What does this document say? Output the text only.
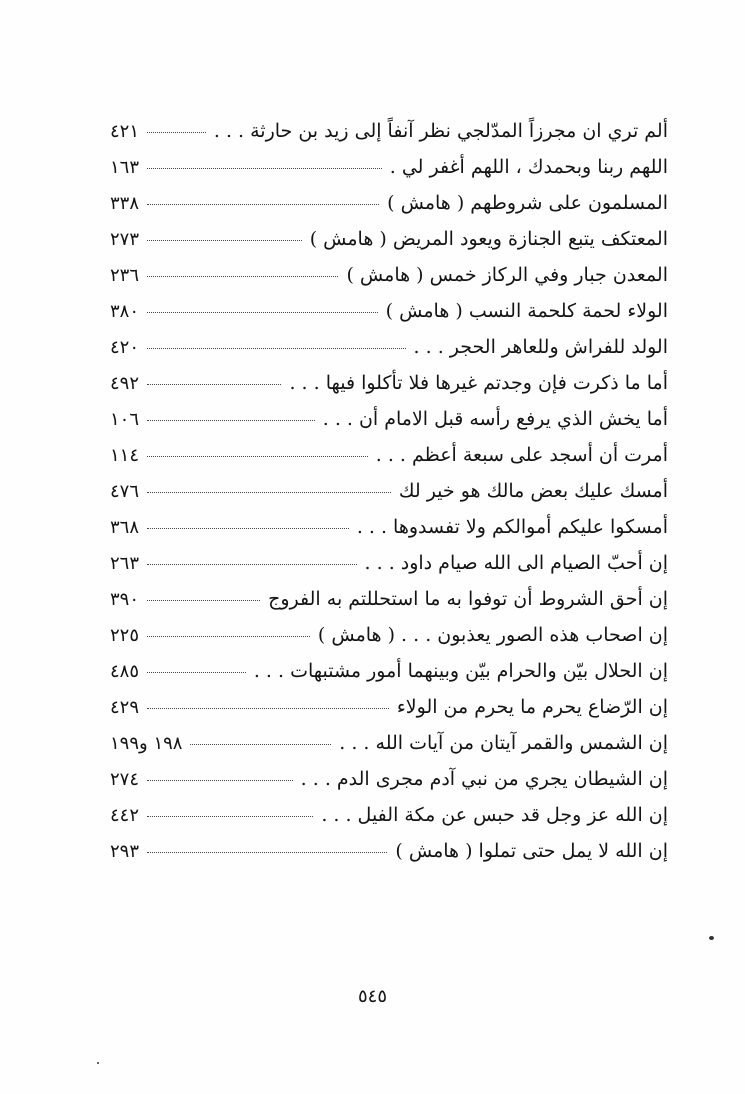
ألم تري ان مجرزاً المدّلجي نظر آنفاً إلى زيد بن حارثة . . .
٤٢١
اللهم ربنا وبحمدك ، اللهم أغفر لي .
١٦٣
المسلمون على شروطهم ( هامش )
٣٣٨
المعتكف يتبع الجنازة ويعود المريض ( هامش )
٢٧٣
المعدن جبار وفي الركاز خمس ( هامش )
٢٣٦
الولاء لحمة كلحمة النسب ( هامش )
٣٨٠
الولد للفراش وللعاهر الحجر . . .
٤٢٠
أما ما ذكرت فإن وجدتم غيرها فلا تأكلوا فيها . . .
٤٩٢
أما يخش الذي يرفع رأسه قبل الامام أن . . .
١٠٦
أمرت أن أسجد على سبعة أعظم . . .
١١٤
أمسك عليك بعض مالك هو خير لك
٤٧٦
أمسكوا عليكم أموالكم ولا تفسدوها . . .
٣٦٨
إن أحبّ الصيام الى الله صيام داود . . .
٢٦٣
إن أحق الشروط أن توفوا به ما استحللتم به الفروج
٣٩٠
إن اصحاب هذه الصور يعذبون . . . ( هامش )
٢٢٥
إن الحلال بيّن والحرام بيّن وبينهما أمور مشتبهات . . .
٤٨٥
إن الرّضاع يحرم ما يحرم من الولاء
٤٢٩
إن الشمس والقمر آيتان من آيات الله . . .
١٩٨ و١٩٩
إن الشيطان يجري من نبي آدم مجرى الدم . . .
٢٧٤
إن الله عز وجل قد حبس عن مكة الفيل . . .
٤٤٢
إن الله لا يمل حتى تملوا ( هامش )
٢٩٣
٥٤٥
